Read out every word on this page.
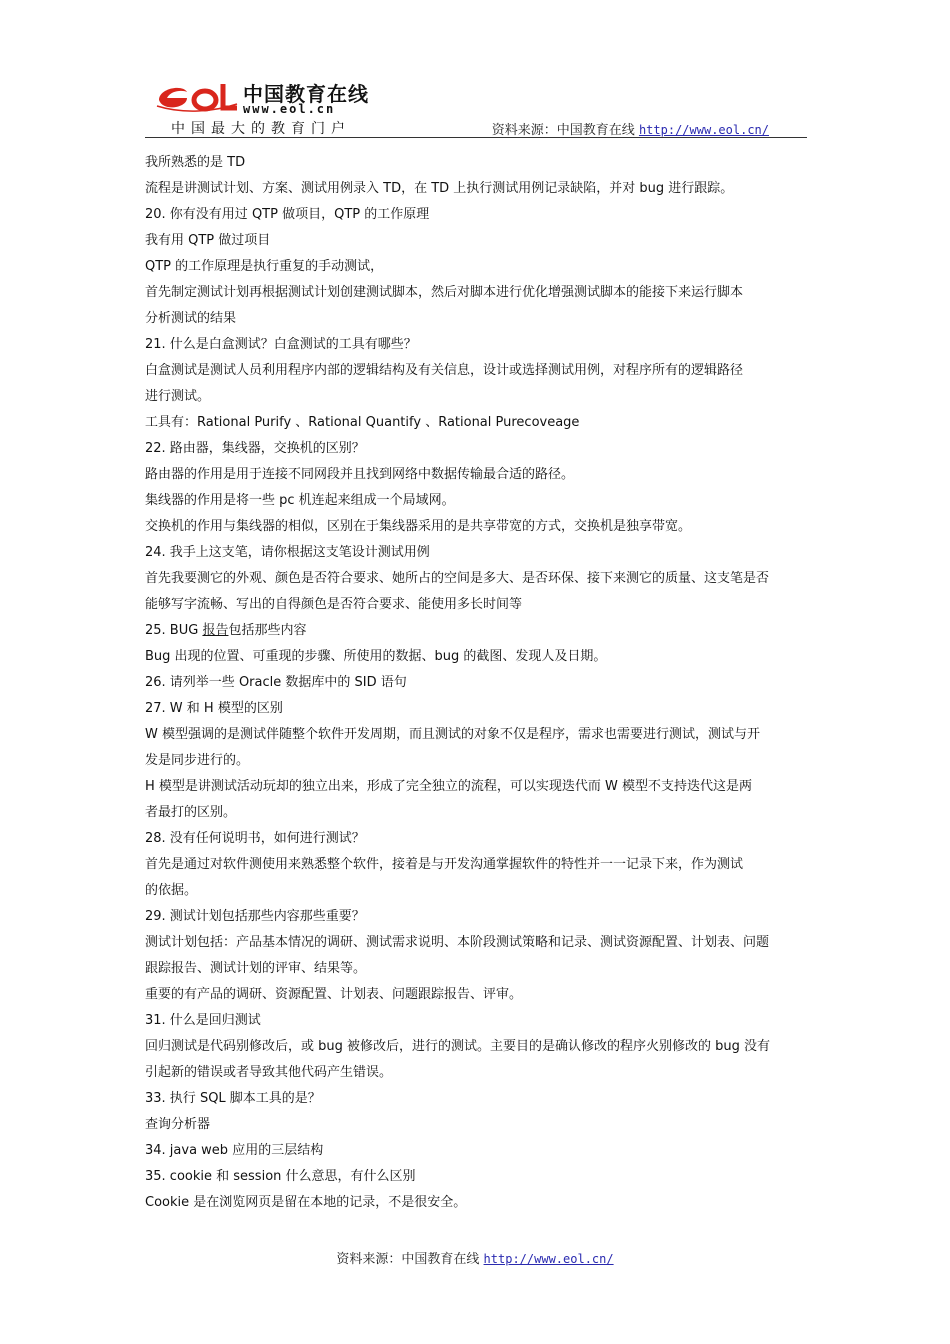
中国教育在线
www.eol.cn
中国最大的教育门户	资料来源：中国教育在线 http://www.eol.cn/
我所熟悉的是 TD
流程是讲测试计划、方案、测试用例录入 TD，在 TD 上执行测试用例记录缺陷，并对 bug 进行跟踪。
20. 你有没有用过 QTP 做项目，QTP 的工作原理
我有用 QTP 做过项目
QTP 的工作原理是执行重复的手动测试，
首先制定测试计划再根据测试计划创建测试脚本，然后对脚本进行优化增强测试脚本的能接下来运行脚本
分析测试的结果
21. 什么是白盒测试？白盒测试的工具有哪些？
白盒测试是测试人员利用程序内部的逻辑结构及有关信息，设计或选择测试用例，对程序所有的逻辑路径
进行测试。
工具有：Rational Purify 、Rational Quantify 、Rational Purecoveage
22. 路由器，集线器，交换机的区别？
路由器的作用是用于连接不同网段并且找到网络中数据传输最合适的路径。
集线器的作用是将一些 pc 机连起来组成一个局域网。
交换机的作用与集线器的相似，区别在于集线器采用的是共享带宽的方式，交换机是独享带宽。
24. 我手上这支笔，请你根据这支笔设计测试用例
首先我要测它的外观、颜色是否符合要求、她所占的空间是多大、是否环保、接下来测它的质量、这支笔是否
能够写字流畅、写出的自得颜色是否符合要求、能使用多长时间等
25. BUG 报告包括那些内容
Bug 出现的位置、可重现的步骤、所使用的数据、bug 的截图、发现人及日期。
26. 请列举一些 Oracle 数据库中的 SID 语句
27. W 和 H 模型的区别
W 模型强调的是测试伴随整个软件开发周期，而且测试的对象不仅是程序，需求也需要进行测试，测试与开
发是同步进行的。
H 模型是讲测试活动玩却的独立出来，形成了完全独立的流程，可以实现迭代而 W 模型不支持迭代这是两
者最打的区别。
28. 没有任何说明书，如何进行测试？
首先是通过对软件测使用来熟悉整个软件，接着是与开发沟通掌握软件的特性并一一记录下来，作为测试
的依据。
29. 测试计划包括那些内容那些重要？
测试计划包括：产品基本情况的调研、测试需求说明、本阶段测试策略和记录、测试资源配置、计划表、问题
跟踪报告、测试计划的评审、结果等。
重要的有产品的调研、资源配置、计划表、问题跟踪报告、评审。
31. 什么是回归测试
回归测试是代码别修改后，或 bug 被修改后，进行的测试。主要目的是确认修改的程序火别修改的 bug 没有
引起新的错误或者导致其他代码产生错误。
33. 执行 SQL 脚本工具的是？
查询分析器
34. java web 应用的三层结构
35. cookie 和 session 什么意思，有什么区别
Cookie 是在浏览网页是留在本地的记录，不是很安全。
资料来源：中国教育在线 http://www.eol.cn/
